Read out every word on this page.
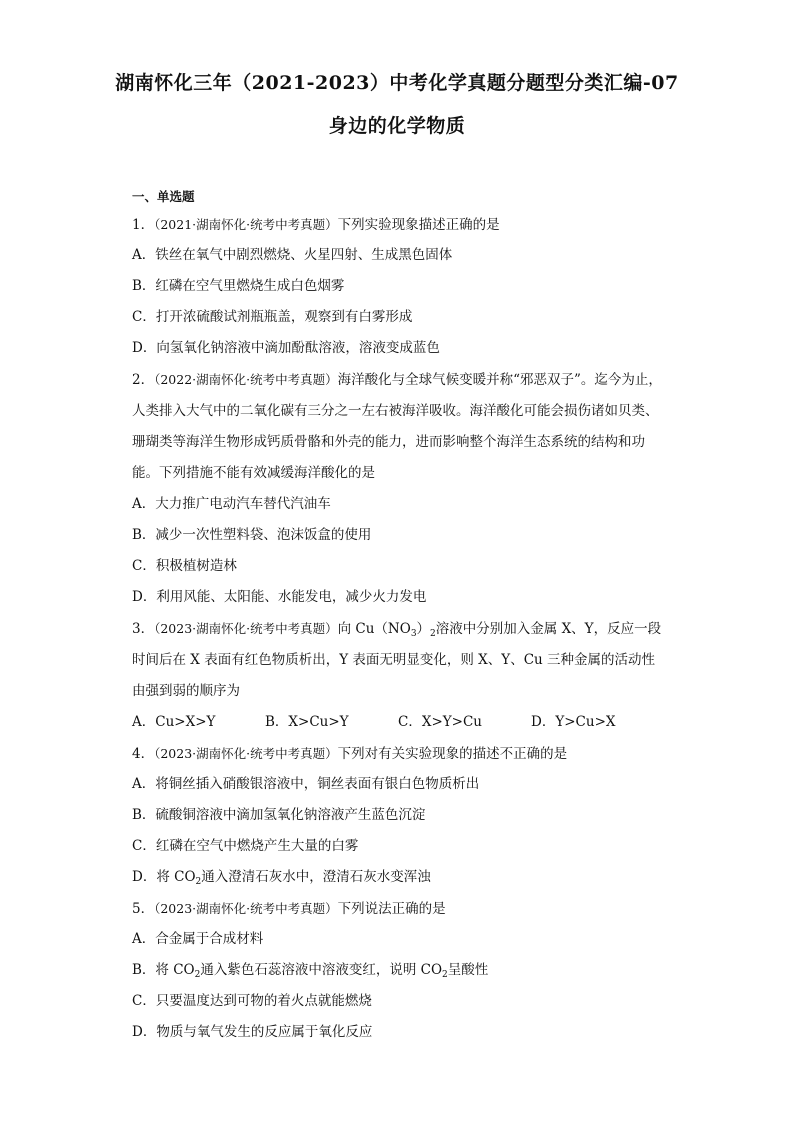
湖南怀化三年（2021-2023）中考化学真题分题型分类汇编-07
身边的化学物质
一、单选题
1．（2021·湖南怀化·统考中考真题）下列实验现象描述正确的是
A．铁丝在氧气中剧烈燃烧、火星四射、生成黑色固体
B．红磷在空气里燃烧生成白色烟雾
C．打开浓硫酸试剂瓶瓶盖，观察到有白雾形成
D．向氢氧化钠溶液中滴加酚酞溶液，溶液变成蓝色
2．（2022·湖南怀化·统考中考真题）海洋酸化与全球气候变暖并称“邪恶双子”。迄今为止，人类排入大气中的二氧化碳有三分之一左右被海洋吸收。海洋酸化可能会损伤诸如贝类、珊瑚类等海洋生物形成钙质骨骼和外壳的能力，进而影响整个海洋生态系统的结构和功能。下列措施不能有效减缓海洋酸化的是
A．大力推广电动汽车替代汽油车
B．减少一次性塑料袋、泡沫饭盒的使用
C．积极植树造林
D．利用风能、太阳能、水能发电，减少火力发电
3．（2023·湖南怀化·统考中考真题）向 $Cu(NO_3)_2$溶液中分别加入金属 X、Y，反应一段时间后在 X 表面有红色物质析出，Y 表面无明显变化，则 X、Y、Cu 三种金属的活动性由强到弱的顺序为
A．Cu>X>Y	B．X>Cu>Y	C．X>Y>Cu	D．Y>Cu>X
4．（2023·湖南怀化·统考中考真题）下列对有关实验现象的描述不正确的是
A．将铜丝插入硝酸银溶液中，铜丝表面有银白色物质析出
B．硫酸铜溶液中滴加氢氧化钠溶液产生蓝色沉淀
C．红磷在空气中燃烧产生大量的白雾
D．将 $CO_2$通入澄清石灰水中，澄清石灰水变浑浊
5．（2023·湖南怀化·统考中考真题）下列说法正确的是
A．合金属于合成材料
B．将 $CO_2$通入紫色石蕊溶液中溶液变红，说明 $CO_2$呈酸性
C．只要温度达到可物的着火点就能燃烧
D．物质与氧气发生的反应属于氧化反应
